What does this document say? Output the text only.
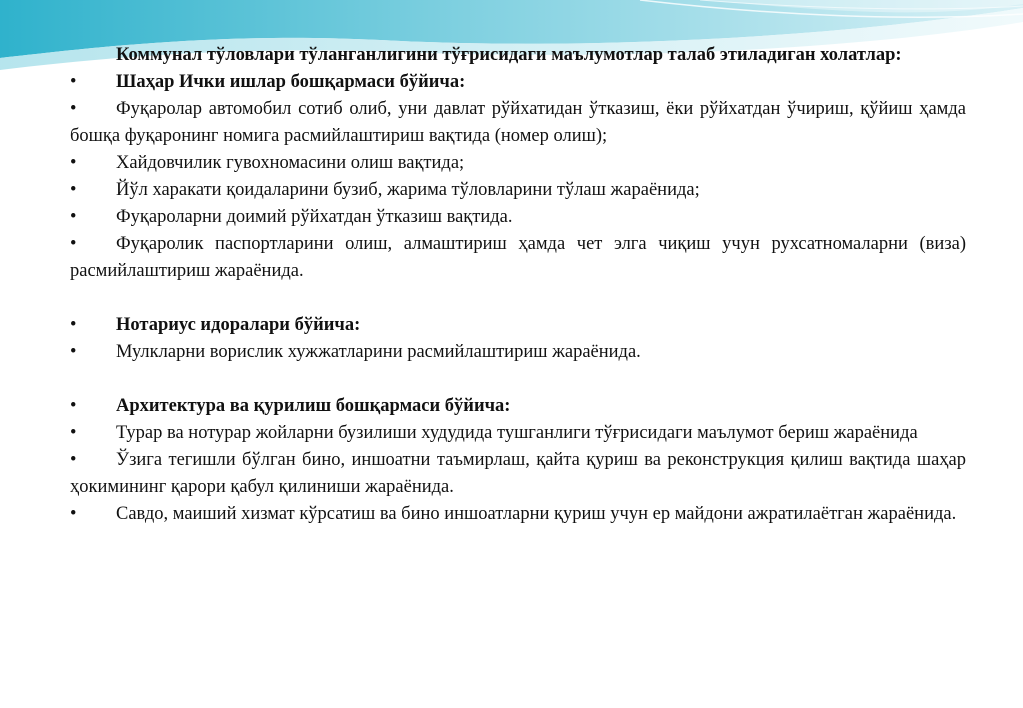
Коммунал тўловлари тўланганлигини тўғрисидаги маълумотлар талаб этиладиган холатлар:

• Шаҳар Ички ишлар бошқармаси бўйича:

• Фуқаролар автомобил сотиб олиб, уни давлат рўйхатидан ўтказиш, ёки рўйхатдан ўчириш, қўйиш ҳамда бошқа фуқаронинг номига расмийлаштириш вақтида (номер олиш);

• Хайдовчилик гувохномасини олиш вақтида;

• Йўл харакати қоидаларини бузиб, жарима тўловларини тўлаш жараёнида;

• Фуқароларни доимий рўйхатдан ўтказиш вақтида.

• Фуқаролик паспортларини олиш, алмаштириш ҳамда чет элга чиқиш учун рухсатномаларни (виза) расмийлаштириш жараёнида.

• Нотариус идоралари бўйича:

• Мулкларни ворислик хужжатларини расмийлаштириш жараёнида.

• Архитектура ва қурилиш бошқармаси бўйича:

• Турар ва нотурар жойларни бузилиши худудида тушганлиги тўғрисидаги маълумот бериш жараёнида

• Ўзига тегишли бўлган бино, иншоатни таъмирлаш, қайта қуриш ва реконструкция қилиш вақтида шаҳар ҳокимининг қарори қабул қилиниши жараёнида.

• Савдо, маиший хизмат кўрсатиш ва бино иншоатларни қуриш учун ер майдони ажратилаётган жараёнида.
